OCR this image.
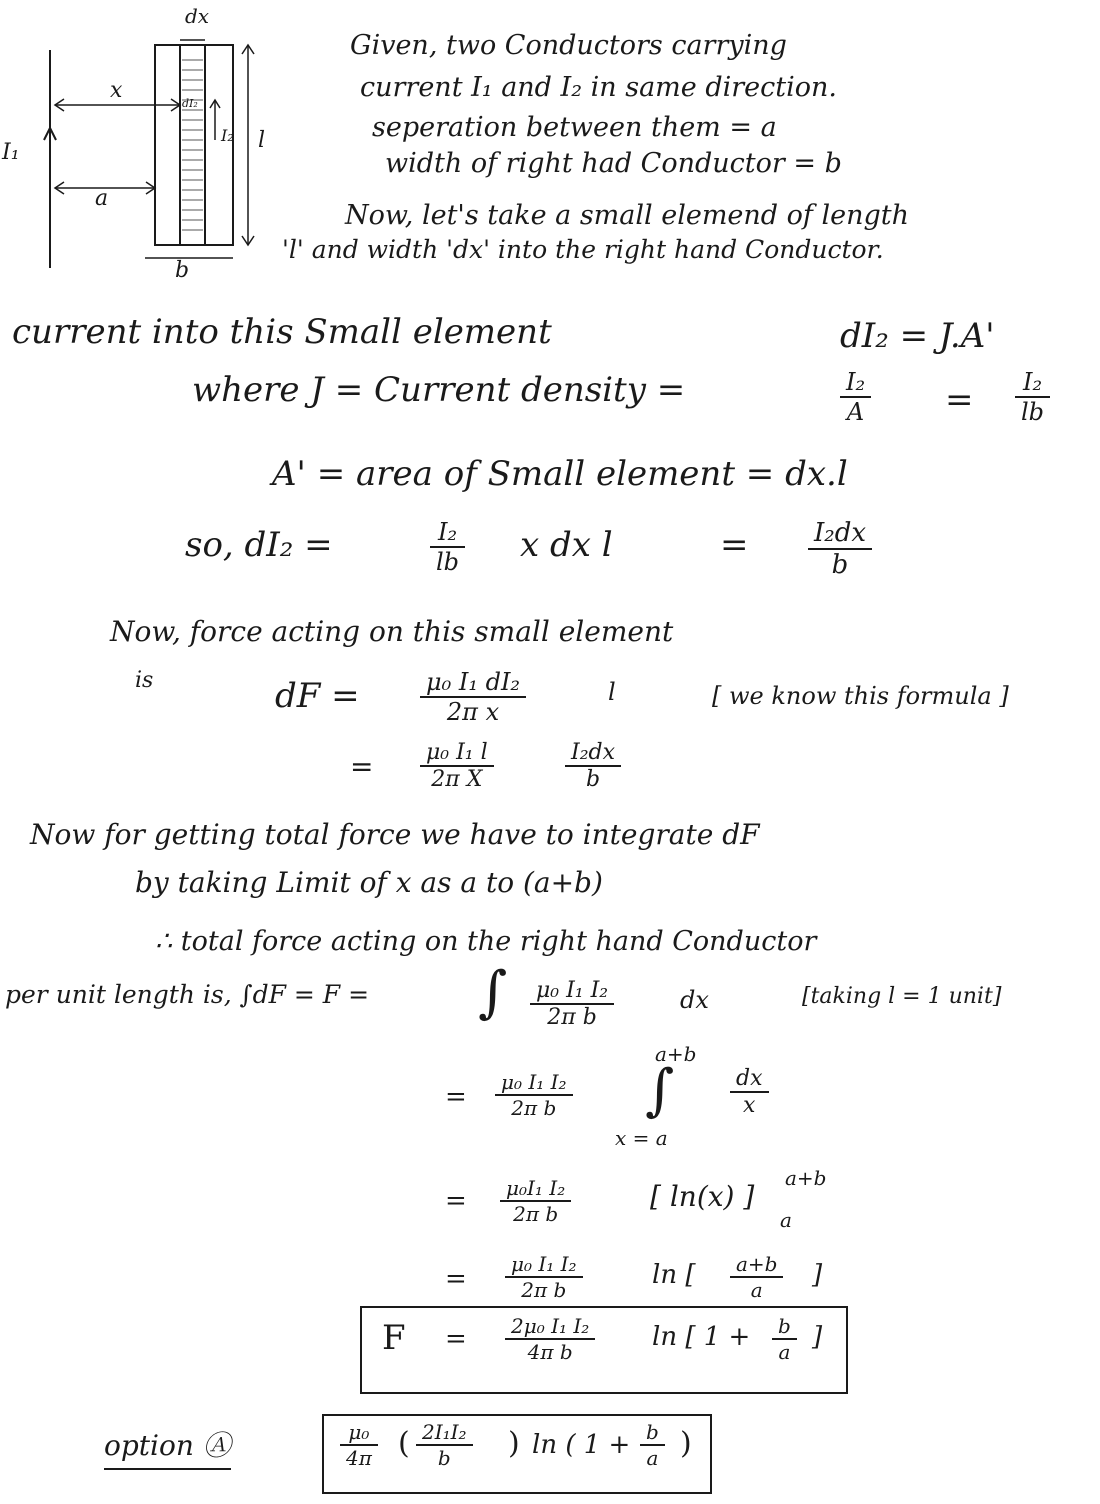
dx
x
I₁
a
b
l
I₂
dI₂
Given, two Conductors carrying
current I₁ and I₂ in same direction.
seperation between them = a
width of right had Conductor = b
Now, let's take a small elemend of length
'l' and width 'dx' into the right hand Conductor.
current into this Small element	dI₂ = J.A'
where J = Current density =	$\frac{\text{I₂}}{A} = \frac{\text{I₂}}{lb}$
A' = area of Small element = dx.l
so, dI₂ =	$\frac{\text{I₂}}{lb}$ x dx l	= $\frac{\text{I₂dx}}{b}$
Now, force acting on this small element
is	dF =	$\frac{\text{μ₀ I₁ dI₂}}{\text{2π x}}$	l	[ we know this formula ]
= $\frac{\text{μ₀ I₁ l}}{\text{2π X}}$	$\frac{\text{I₂dx}}{b}$
Now for getting total force we have to integrate dF
by taking Limit of x as a to (a+b)
∴ total force acting on the right hand Conductor
per unit length is, ∫dF = F = ∫ $\frac{\text{μ₀ I₁ I₂}}{\text{2π b}}$	dx	[taking l = 1 unit]
= $\frac{\text{μ₀ I₁ I₂}}{\text{2π b}}$
a+b
∫
x = a
$\frac{dx}{x}$
= $\frac{\text{μ₀I₁ I₂}}{\text{2π b}}$	[ ln(x) ]
a+b
a
= $\frac{\text{μ₀ I₁ I₂}}{\text{2π b}}$	ln [ $\frac{a+b}{a}$ ]
$F = \frac{\text{2μ₀ I₁ I₂}}{\text{4π b}}$ ln [ $1 + \frac{b}{a}$ ]
option Ⓐ	$\frac{\text{μ₀}}{4\pi}$ ( $\frac{\text{2I₁I₂}}{b}$ ) ln ( $1 + \frac{b}{a}$ )
